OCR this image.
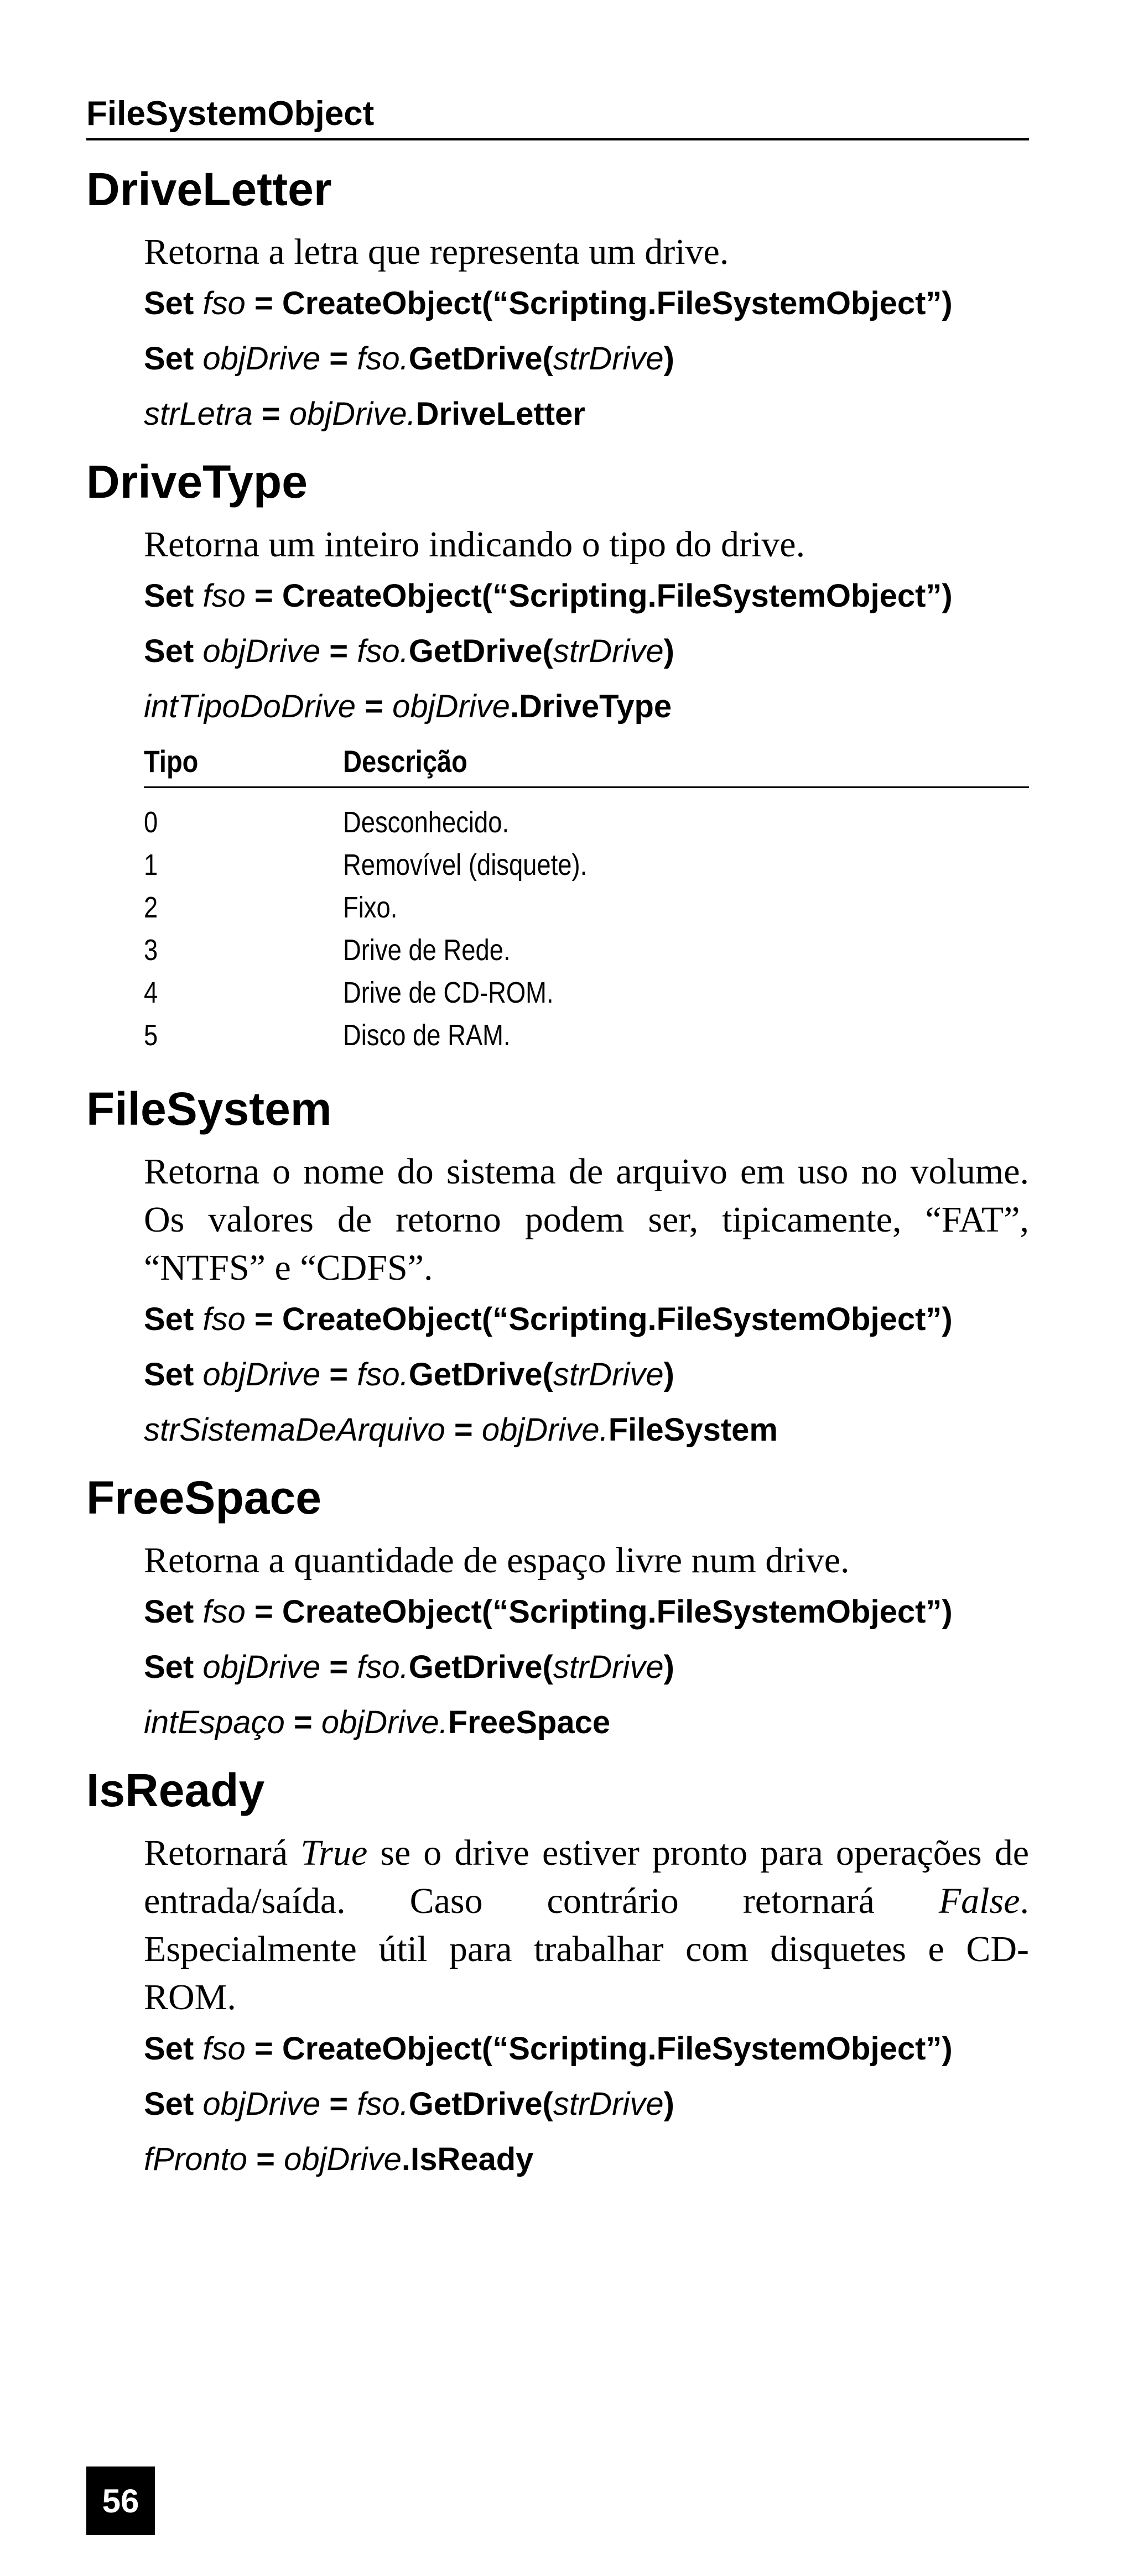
FileSystemObject
DriveLetter

Retorna a letra que representa um drive.

Set fso = CreateObject(“Scripting.FileSystemObject”)
Set objDrive = fso.GetDrive(strDrive)
strLetra = objDrive.DriveLetter
DriveType

Retorna um inteiro indicando o tipo do drive.

Set fso = CreateObject(“Scripting.FileSystemObject”)
Set objDrive = fso.GetDrive(strDrive)
intTipoDoDrive = objDrive.DriveType
Tipo	Descrição
0	Desconhecido.
1	Removível (disquete).
2	Fixo.
3	Drive de Rede.
4	Drive de CD-ROM.
5	Disco de RAM.
FileSystem

Retorna o nome do sistema de arquivo em uso no volume. Os valores de retorno podem ser, tipicamente, “FAT”, “NTFS” e “CDFS”.

Set fso = CreateObject(“Scripting.FileSystemObject”)
Set objDrive = fso.GetDrive(strDrive)
strSistemaDeArquivo = objDrive.FileSystem
FreeSpace

Retorna a quantidade de espaço livre num drive.

Set fso = CreateObject(“Scripting.FileSystemObject”)
Set objDrive = fso.GetDrive(strDrive)
intEspaço = objDrive.FreeSpace
IsReady

Retornará True se o drive estiver pronto para operações de entrada/saída. Caso contrário retornará False. Especialmente útil para trabalhar com disquetes e CD-ROM.

Set fso = CreateObject(“Scripting.FileSystemObject”)
Set objDrive = fso.GetDrive(strDrive)
fPronto = objDrive.IsReady
56
